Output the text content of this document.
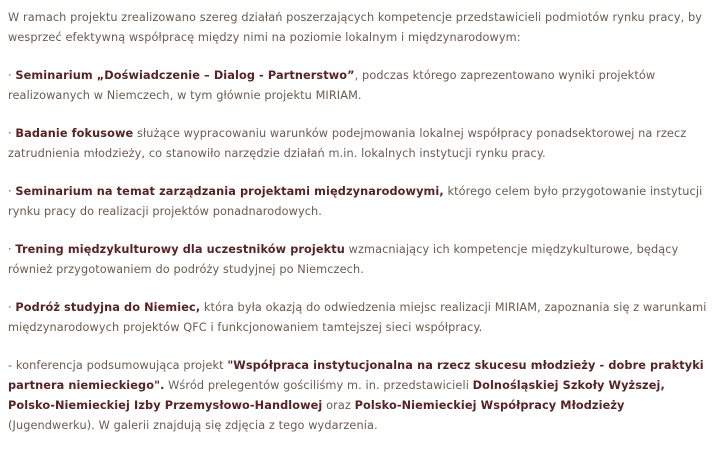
W ramach projektu zrealizowano szereg działań poszerzających kompetencje przedstawicieli podmiotów rynku pracy, by wesprzeć efektywną współpracę między nimi na poziomie lokalnym i międzynarodowym:

· Seminarium „Doświadczenie – Dialog - Partnerstwo”, podczas którego zaprezentowano wyniki projektów realizowanych w Niemczech, w tym głównie projektu MIRIAM.

· Badanie fokusowe służące wypracowaniu warunków podejmowania lokalnej współpracy ponadsektorowej na rzecz zatrudnienia młodzieży, co stanowiło narzędzie działań m.in. lokalnych instytucji rynku pracy.

· Seminarium na temat zarządzania projektami międzynarodowymi, którego celem było przygotowanie instytucji rynku pracy do realizacji projektów ponadnarodowych.

· Trening międzykulturowy dla uczestników projektu wzmacniający ich kompetencje międzykulturowe, będący również przygotowaniem do podróży studyjnej po Niemczech.

· Podróż studyjna do Niemiec, która była okazją do odwiedzenia miejsc realizacji MIRIAM, zapoznania się z warunkami międzynarodowych projektów QFC i funkcjonowaniem tamtejszej sieci współpracy.

- konferencja podsumowująca projekt "Współpraca instytucjonalna na rzecz skucesu młodzieży - dobre praktyki partnera niemieckiego". Wśród prelegentów gościliśmy m. in. przedstawicieli Dolnośląskiej Szkoły Wyższej, Polsko-Niemieckiej Izby Przemysłowo-Handlowej oraz Polsko-Niemieckiej Współpracy Młodzieży (Jugendwerku). W galerii znajdują się zdjęcia z tego wydarzenia.
